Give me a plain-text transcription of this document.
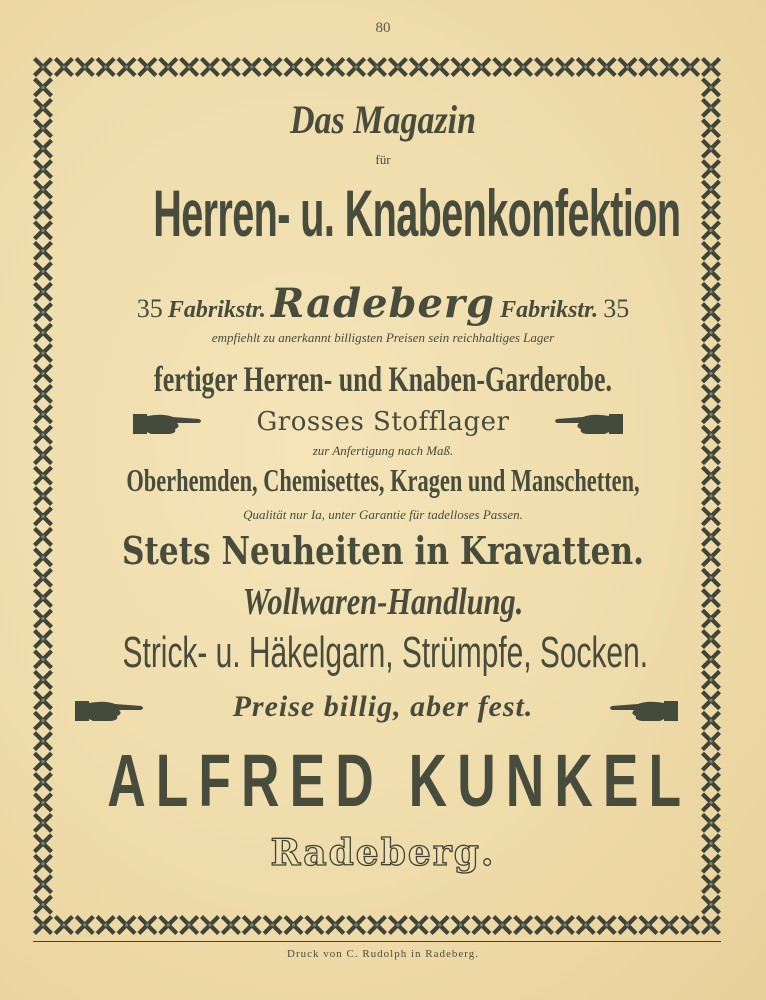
80
Das Magazin
für
Herren- u. Knabenkonfektion
35 Fabrikstr. Radeberg Fabrikstr. 35
empfiehlt zu anerkannt billigsten Preisen sein reichhaltiges Lager
fertiger Herren- und Knaben-Garderobe.
Grosses Stofflager
zur Anfertigung nach Maß.
Oberhemden, Chemisettes, Kragen und Manschetten,
Qualität nur Ia, unter Garantie für tadelloses Passen.
Stets Neuheiten in Kravatten.
Wollwaren-Handlung.
Strick- u. Häkelgarn, Strümpfe, Socken.
Preise billig, aber fest.
ALFRED KUNKEL
Radeberg.
Druck von C. Rudolph in Radeberg.
